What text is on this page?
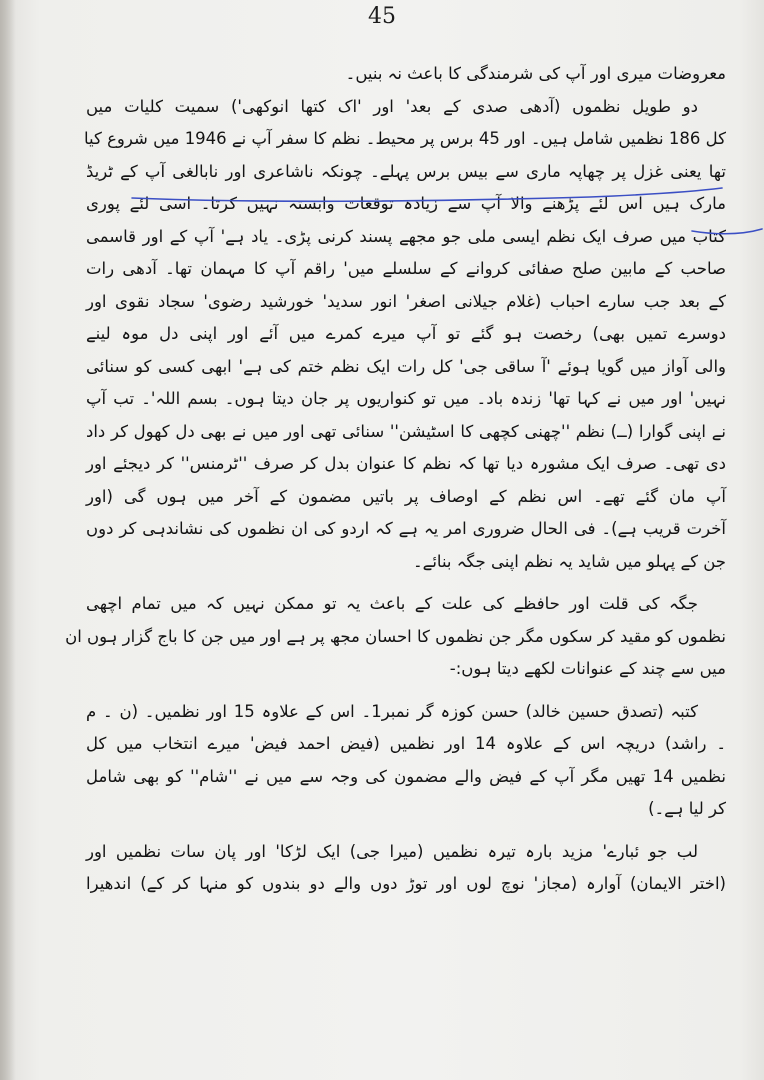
45
معروضات میری اور آپ کی شرمندگی کا باعث نہ بنیں۔
دو طویل نظموں (آدھی صدی کے بعد' اور 'اک کتھا انوکھی') سمیت کلیات میں
کل 186 نظمیں شامل ہیں۔ اور 45 برس پر محیط۔ نظم کا سفر آپ نے 1946 میں شروع کیا
تھا یعنی غزل پر چھاپہ ماری سے بیس برس پہلے۔ چونکہ ناشاعری اور نابالغی آپ کے ٹریڈ
مارک ہیں اس لئے پڑھنے والا آپ سے زیادہ توقعات وابستہ نہیں کرتا۔ اسی لئے پوری
کتاب میں صرف ایک نظم ایسی ملی جو مجھے پسند کرنی پڑی۔ یاد ہے' آپ کے اور قاسمی
صاحب کے مابین صلح صفائی کروانے کے سلسلے میں' راقم آپ کا مہمان تھا۔ آدھی رات
کے بعد جب سارے احباب (غلام جیلانی اصغر' انور سدید' خورشید رضوی' سجاد نقوی اور
دوسرے تمیں بھی) رخصت ہو گئے تو آپ میرے کمرے میں آئے اور اپنی دل موہ لینے
والی آواز میں گویا ہوئے 'آ ساقی جی' کل رات ایک نظم ختم کی ہے' ابھی کسی کو سنائی
نہیں' اور میں نے کہا تھا' زندہ باد۔ میں تو کنواریوں پر جان دیتا ہوں۔ بسم اللہ'۔ تب آپ
نے اپنی گوارا (ــ) نظم ''چھنی کچھی کا اسٹیشن'' سنائی تھی اور میں نے بھی دل کھول کر داد
دی تھی۔ صرف ایک مشورہ دیا تھا کہ نظم کا عنوان بدل کر صرف ''ٹرمنس'' کر دیجئے اور
آپ مان گئے تھے۔ اس نظم کے اوصاف پر باتیں مضمون کے آخر میں ہوں گی (اور
آخرت قریب ہے)۔ فی الحال ضروری امر یہ ہے کہ اردو کی ان نظموں کی نشاندہی کر دوں
جن کے پہلو میں شاید یہ نظم اپنی جگہ بنائے۔
جگہ کی قلت اور حافظے کی علت کے باعث یہ تو ممکن نہیں کہ میں تمام اچھی
نظموں کو مقید کر سکوں مگر جن نظموں کا احسان مجھ پر ہے اور میں جن کا باج گزار ہوں ان
میں سے چند کے عنوانات لکھے دیتا ہوں:-
کتبہ (تصدق حسین خالد) حسن کوزہ گر نمبر1۔ اس کے علاوہ 15 اور نظمیں۔ (ن ۔ م
۔ راشد) دریچہ اس کے علاوہ 14 اور نظمیں (فیض احمد فیض' میرے انتخاب میں کل
نظمیں 14 تھیں مگر آپ کے فیض والے مضمون کی وجہ سے میں نے ''شام'' کو بھی شامل
کر لیا ہے۔)
لب جو ئبارے' مزید بارہ تیرہ نظمیں (میرا جی) ایک لڑکا' اور پان سات نظمیں اور
(اختر الایمان) آوارہ (مجاز' نوچ لوں اور توڑ دوں والے دو بندوں کو منہا کر کے) اندھیرا
